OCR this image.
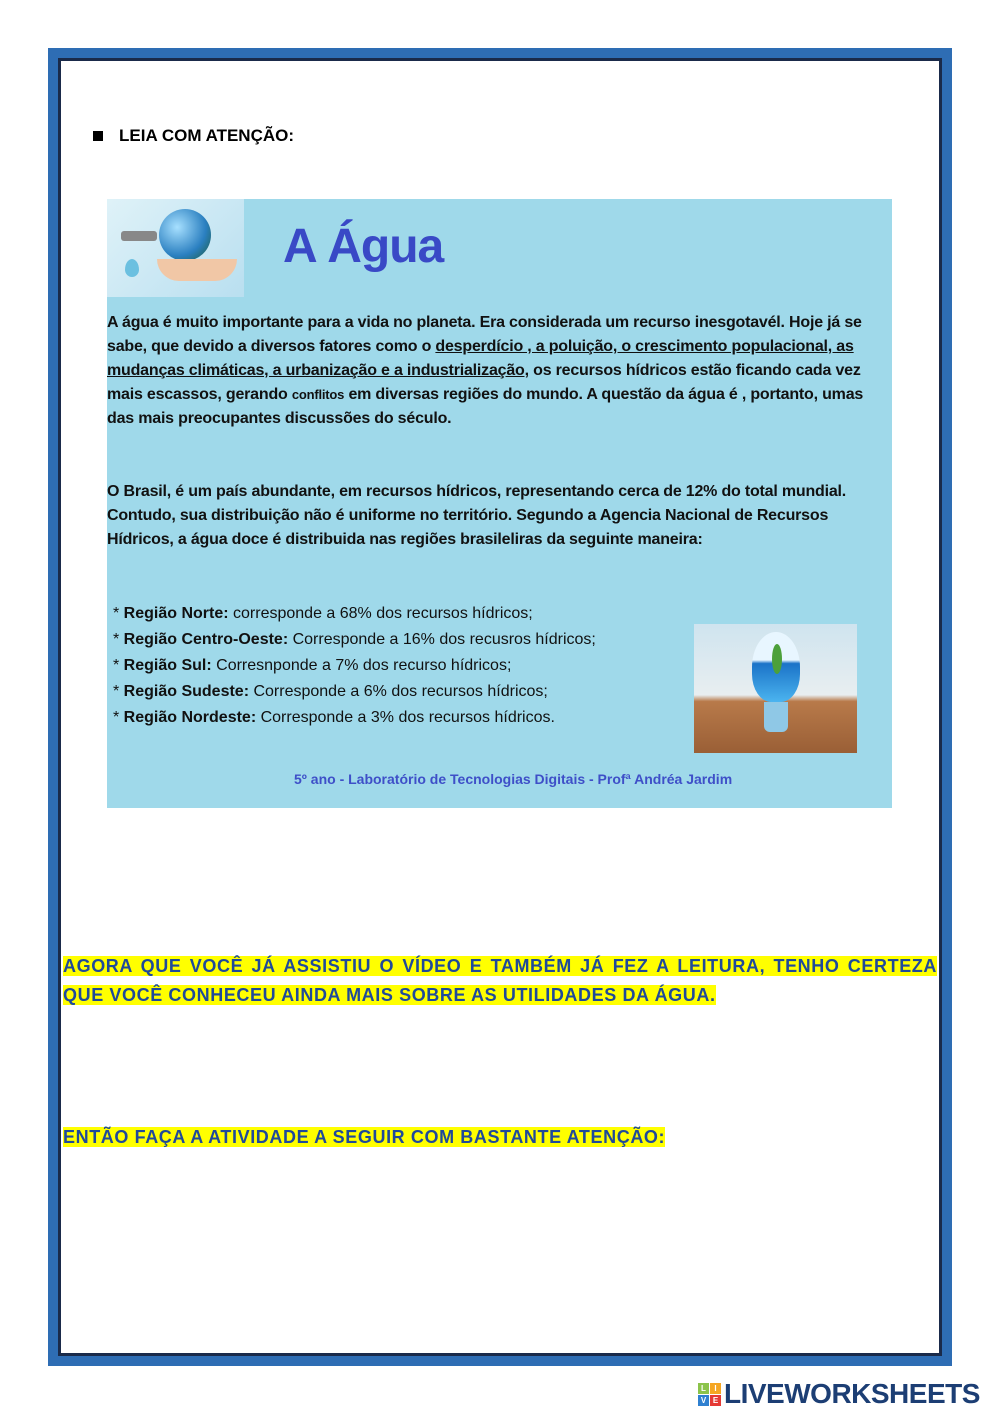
LEIA COM ATENÇÃO:
A Água
A água é muito importante para a vida no planeta. Era considerada um recurso inesgotavél. Hoje já se sabe, que devido a diversos fatores como o desperdício , a poluição, o crescimento populacional, as mudanças climáticas, a urbanização e a industrialização, os recursos hídricos estão ficando cada vez mais escassos, gerando conflitos em diversas regiões do mundo. A questão da água é , portanto, umas das mais preocupantes discussões do século.
O Brasil, é um país abundante, em recursos hídricos, representando cerca de 12% do total mundial. Contudo, sua distribuição não é uniforme no território. Segundo a Agencia Nacional de Recursos Hídricos, a água doce é distribuida nas regiões brasileliras da seguinte maneira:
* Região Norte: corresponde a 68% dos recursos hídricos;
* Região Centro-Oeste: Corresponde a 16% dos recusros hídricos;
* Região Sul: Corresnponde a 7% dos recurso hídricos;
* Região Sudeste: Corresponde a 6% dos recursos hídricos;
* Região Nordeste: Corresponde a 3% dos recursos hídricos.
5º ano - Laboratório de Tecnologias Digitais - Profª Andréa Jardim
AGORA QUE VOCÊ JÁ ASSISTIU O VÍDEO E TAMBÉM JÁ FEZ A LEITURA, TENHO CERTEZA QUE VOCÊ CONHECEU AINDA MAIS SOBRE AS UTILIDADES DA ÁGUA.
ENTÃO FAÇA A ATIVIDADE A SEGUIR COM BASTANTE ATENÇÃO:
L	I
V E LIVEWORKSHEETS
